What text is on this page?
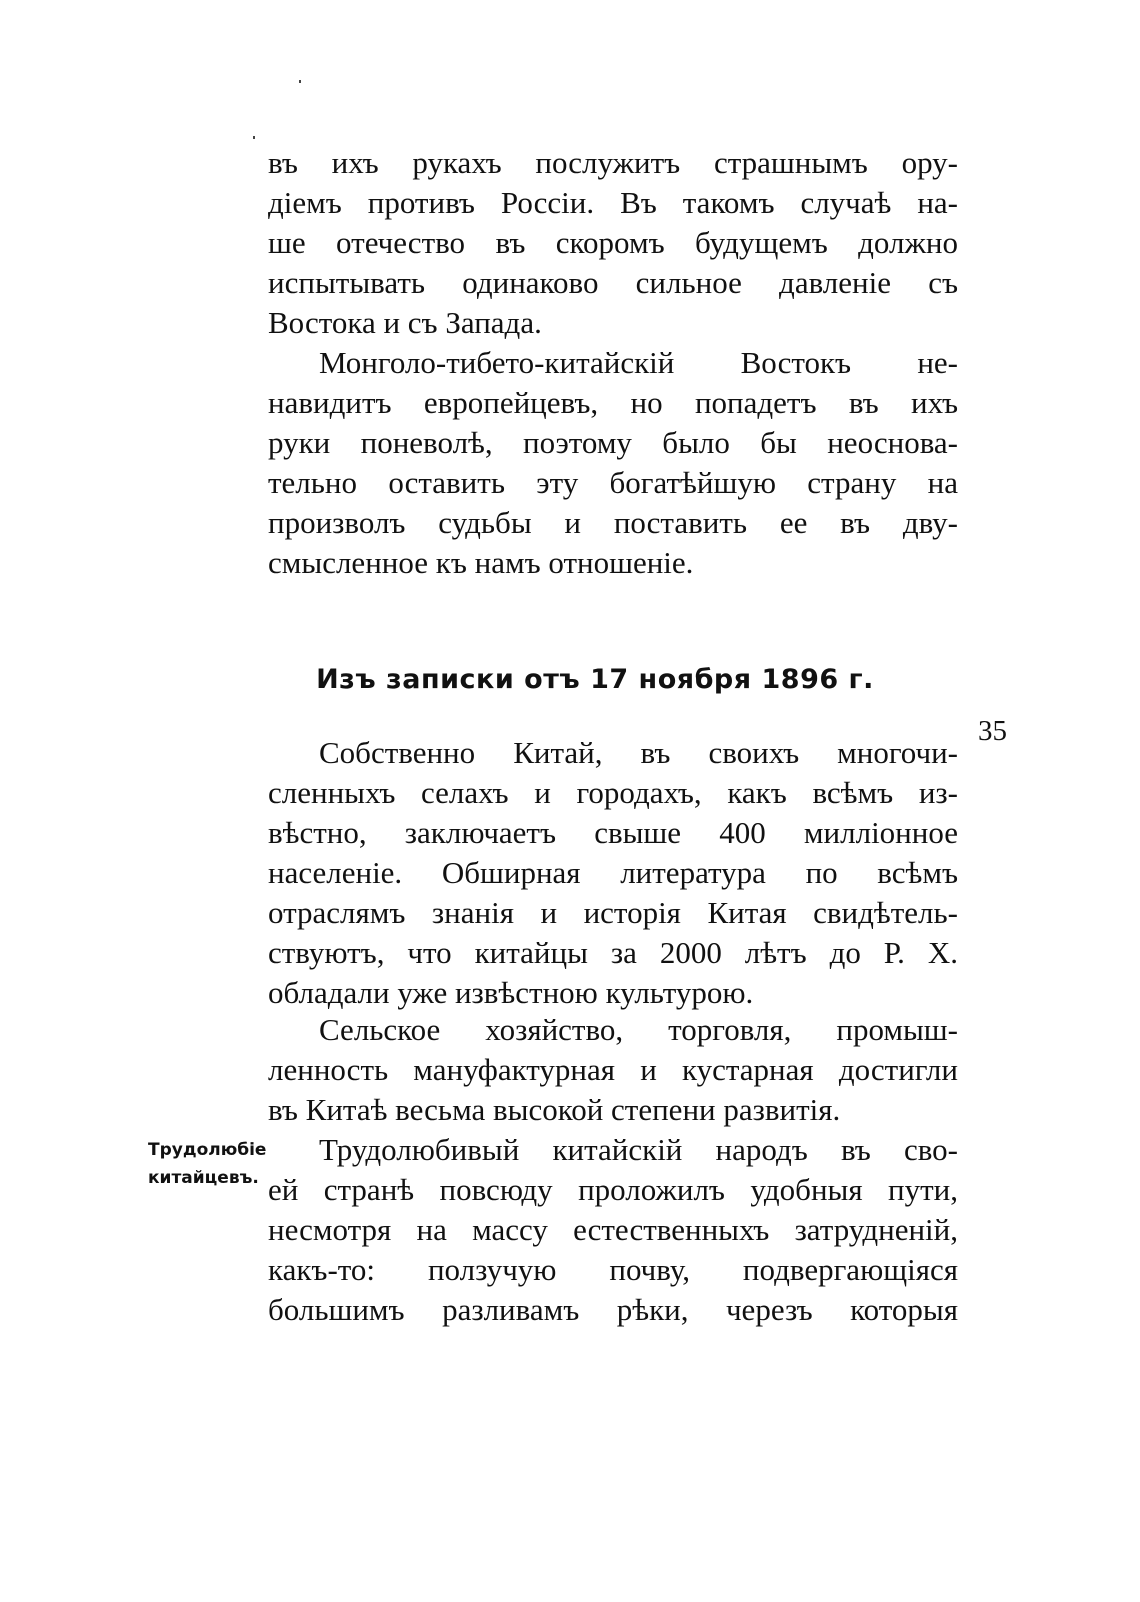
въ ихъ рукахъ послужитъ страшнымъ ору-
діемъ противъ Россіи. Въ такомъ случаѣ на-
ше отечество въ скоромъ будущемъ должно
испытывать одинаково сильное давленіе съ
Востока и съ Запада.
Монголо-тибето-китайскій Востокъ не-
навидитъ европейцевъ, но попадетъ въ ихъ
руки поневолѣ, поэтому было бы неоснова-
тельно оставить эту богатѣйшую страну на
произволъ судьбы и поставить ее въ дву-
смысленное къ намъ отношеніе.
Изъ записки отъ 17 ноября 1896 г.
35
Собственно Китай, въ своихъ многочи-
сленныхъ селахъ и городахъ, какъ всѣмъ из-
вѣстно, заключаетъ свыше 400 милліонное
населеніе. Обширная литература по всѣмъ
отраслямъ знанія и исторія Китая свидѣтель-
ствуютъ, что китайцы за 2000 лѣтъ до Р. Х.
обладали уже извѣстною культурою.
Сельское хозяйство, торговля, промыш-
ленность мануфактурная и кустарная достигли
въ Китаѣ весьма высокой степени развитія.
Трудолюбіе
китайцевъ.
Трудолюбивый китайскій народъ въ сво-
ей странѣ повсюду проложилъ удобныя пути,
несмотря на массу естественныхъ затрудненій,
какъ-то: ползучую почву, подвергающіяся
большимъ разливамъ рѣки, черезъ которыя
